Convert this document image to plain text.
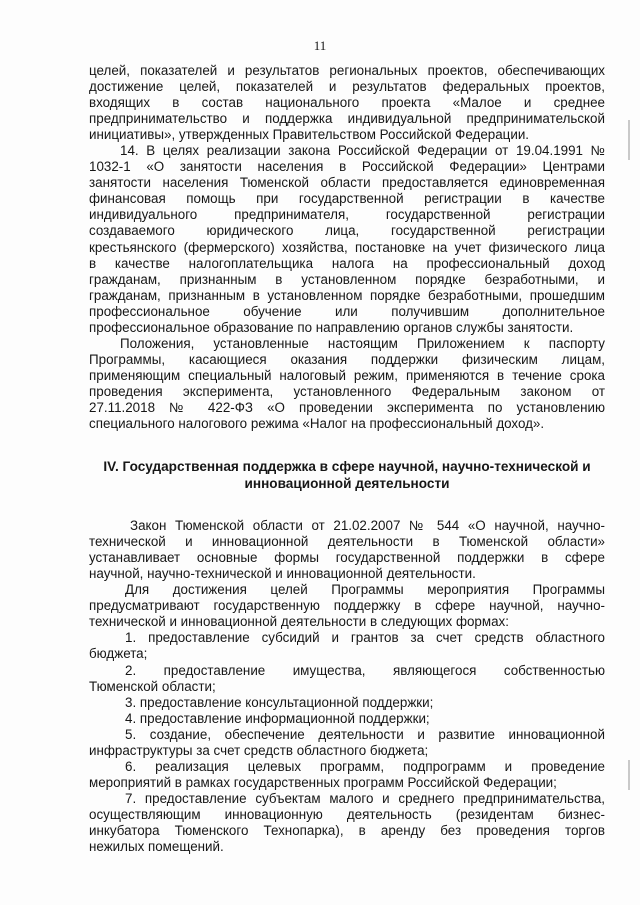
11
целей, показателей и результатов региональных проектов, обеспечивающих
достижение целей, показателей и результатов федеральных проектов,
входящих в состав национального проекта «Малое и среднее
предпринимательство и поддержка индивидуальной предпринимательской
инициативы», утвержденных Правительством Российской Федерации.
14. В целях реализации закона Российской Федерации от 19.04.1991 №
1032-1 «О занятости населения в Российской Федерации» Центрами
занятости населения Тюменской области предоставляется единовременная
финансовая помощь при государственной регистрации в качестве
индивидуального предпринимателя, государственной регистрации
создаваемого юридического лица, государственной регистрации
крестьянского (фермерского) хозяйства, постановке на учет физического лица
в качестве налогоплательщика налога на профессиональный доход
гражданам, признанным в установленном порядке безработными, и
гражданам, признанным в установленном порядке безработными, прошедшим
профессиональное обучение или получившим дополнительное
профессиональное образование по направлению органов службы занятости.
Положения, установленные настоящим Приложением к паспорту
Программы, касающиеся оказания поддержки физическим лицам,
применяющим специальный налоговый режим, применяются в течение срока
проведения эксперимента, установленного Федеральным законом от
27.11.2018 № 422-ФЗ «О проведении эксперимента по установлению
специального налогового режима «Налог на профессиональный доход».
IV. Государственная поддержка в сфере научной, научно-технической и
инновационной деятельности
Закон Тюменской области от 21.02.2007 № 544 «О научной, научно-
технической и инновационной деятельности в Тюменской области»
устанавливает основные формы государственной поддержки в сфере
научной, научно-технической и инновационной деятельности.
Для достижения целей Программы мероприятия Программы
предусматривают государственную поддержку в сфере научной, научно-
технической и инновационной деятельности в следующих формах:
1. предоставление субсидий и грантов за счет средств областного
бюджета;
2. предоставление имущества, являющегося собственностью
Тюменской области;
3. предоставление консультационной поддержки;
4. предоставление информационной поддержки;
5. создание, обеспечение деятельности и развитие инновационной
инфраструктуры за счет средств областного бюджета;
6. реализация целевых программ, подпрограмм и проведение
мероприятий в рамках государственных программ Российской Федерации;
7. предоставление субъектам малого и среднего предпринимательства,
осуществляющим инновационную деятельность (резидентам бизнес-
инкубатора Тюменского Технопарка), в аренду без проведения торгов
нежилых помещений.
